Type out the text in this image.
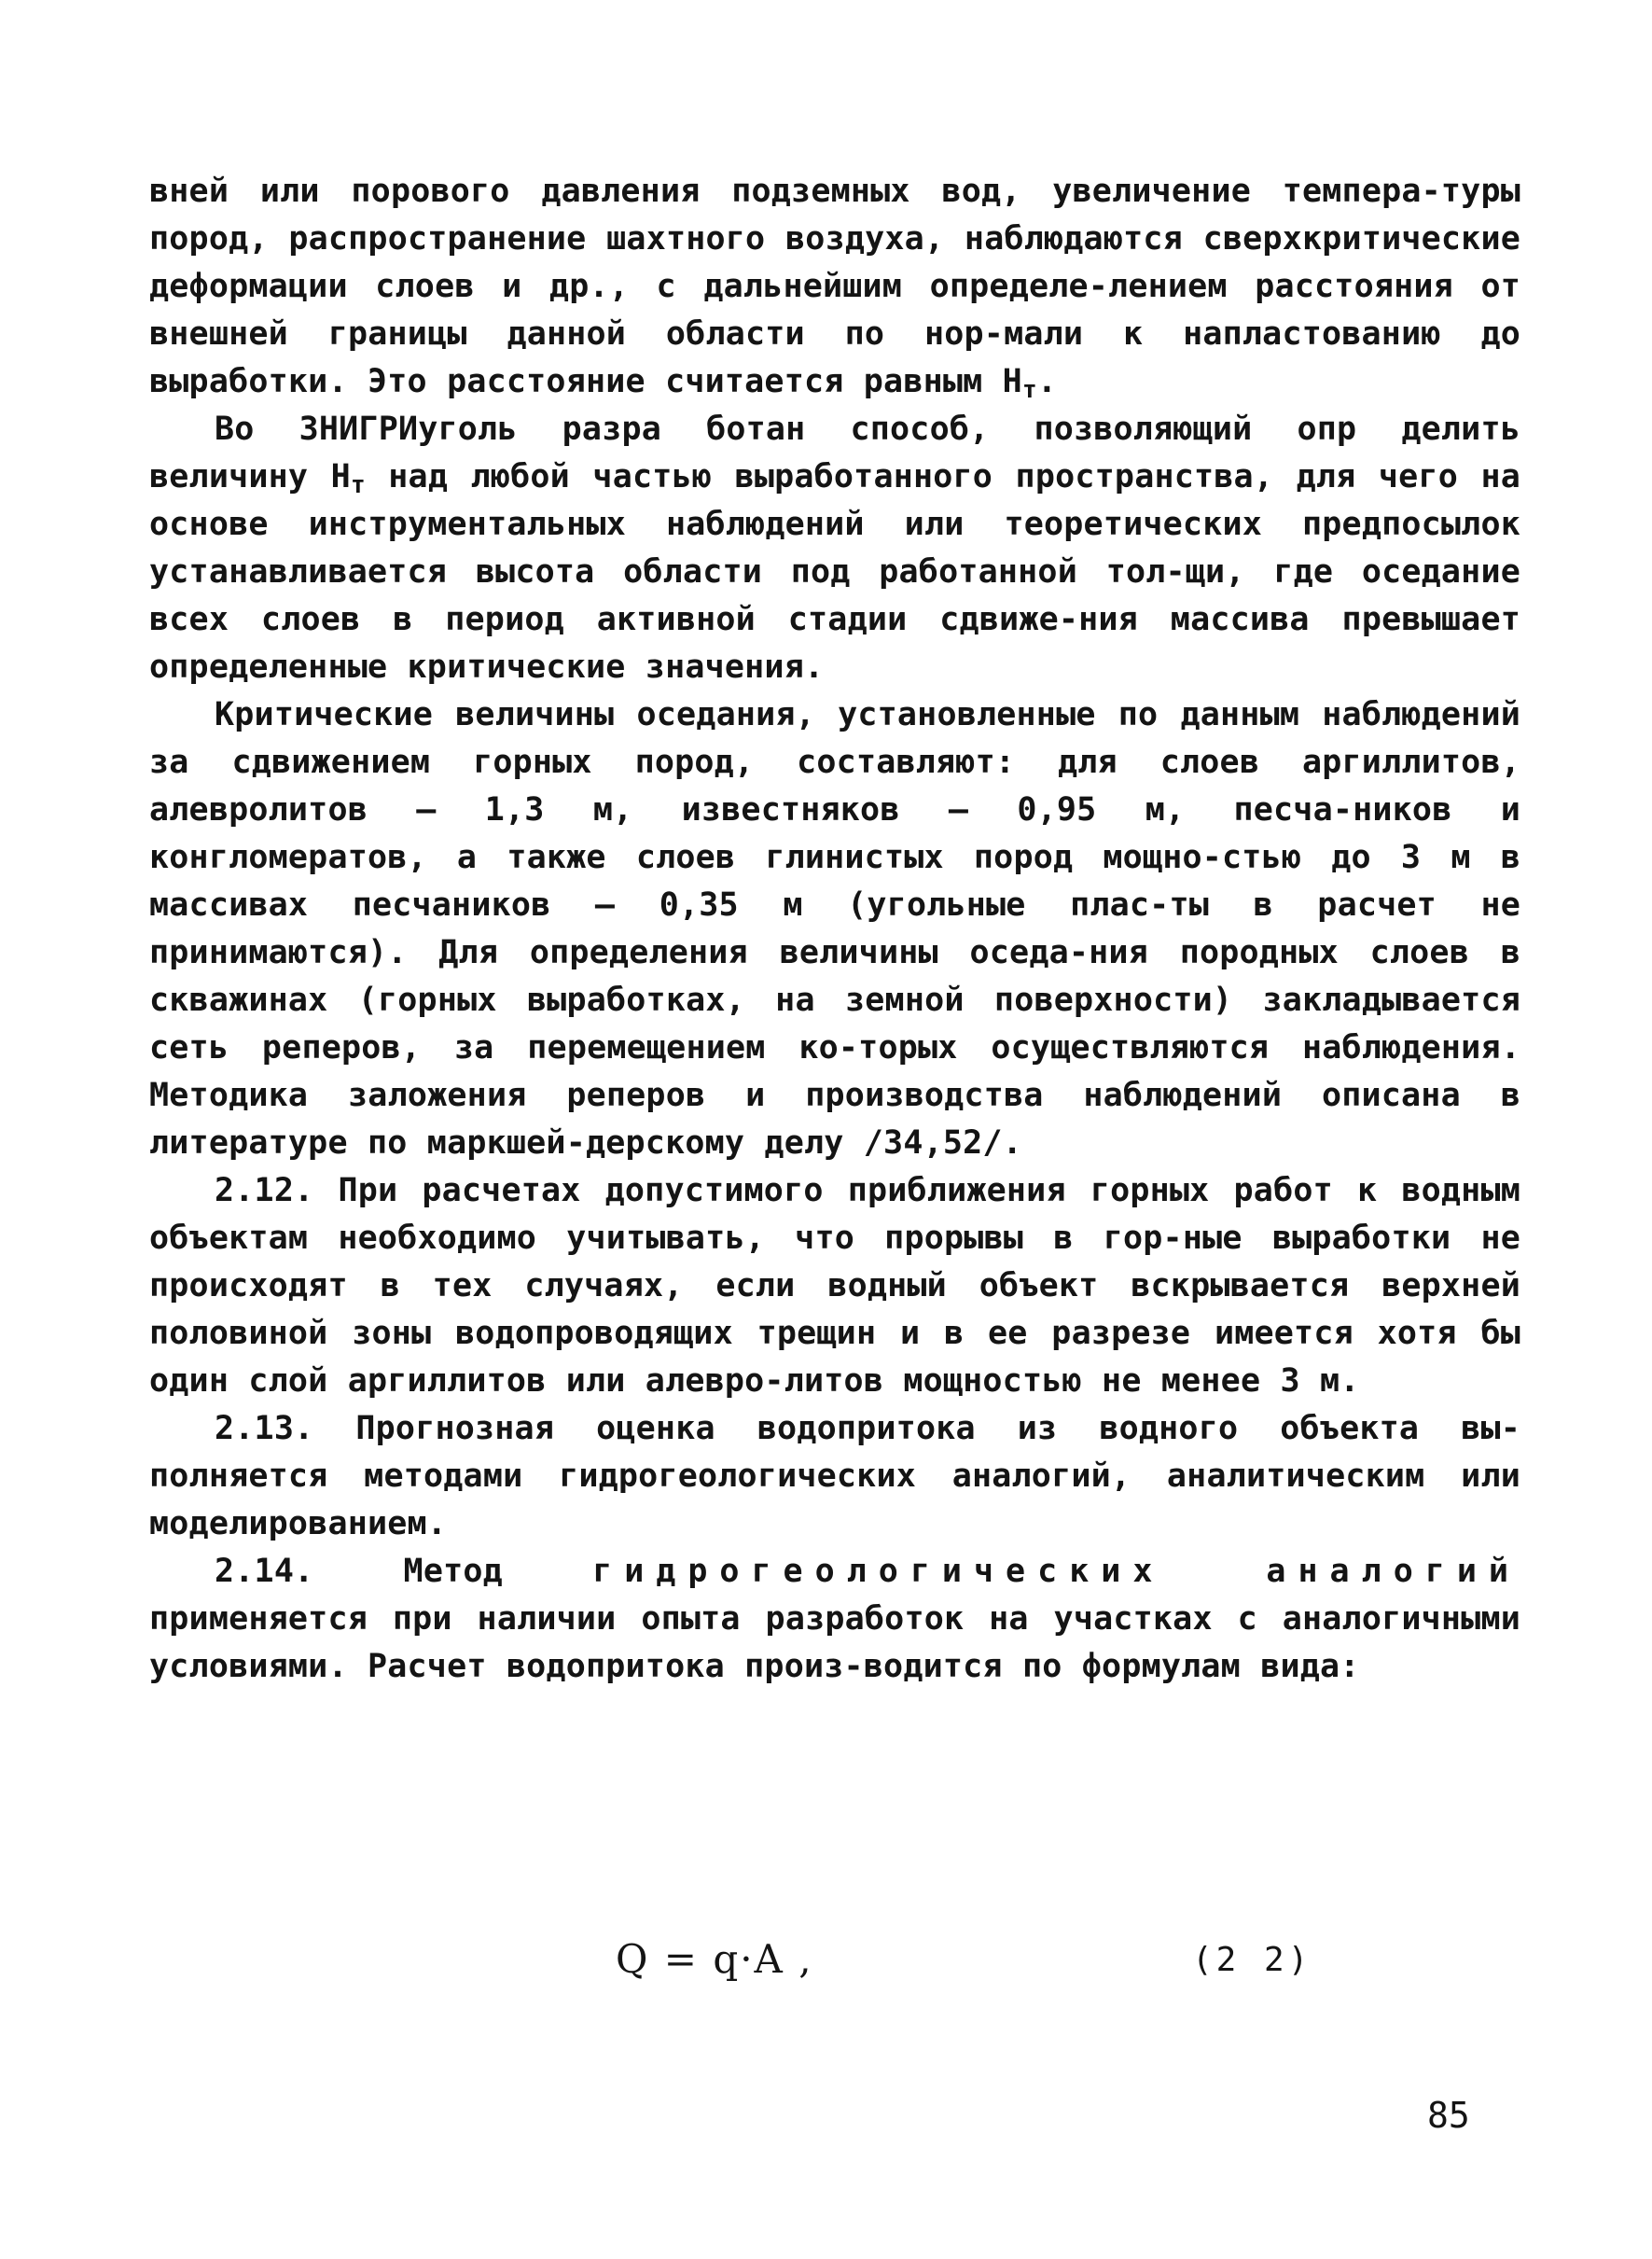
вней или порового давления подземных вод, увеличение темпера-туры пород, распространение шахтного воздуха, наблюдаются сверхкритические деформации слоев и др., с дальнейшим определе-лением расстояния от внешней границы данной области по нор-мали к напластованию до выработки. Это расстояние считается равным $H_т$.

Во ЗНИГРИуголь разра ботан способ, позволяющий опр делить величину $H_т$ над любой частью выработанного пространства, для чего на основе инструментальных наблюдений или теоретических предпосылок устанавливается высота области под работанной тол-щи, где оседание всех слоев в период активной стадии сдвиже-ния массива превышает определенные критические значения.

Критические величины оседания, установленные по данным наблюдений за сдвижением горных пород, составляют: для слоев аргиллитов, алевролитов – 1,3 м, известняков – 0,95 м, песча-ников и конгломератов, а также слоев глинистых пород мощно-стью до 3 м в массивах песчаников – 0,35 м (угольные плас-ты в расчет не принимаются). Для определения величины оседа-ния породных слоев в скважинах (горных выработках, на земной поверхности) закладывается сеть реперов, за перемещением ко-торых осуществляются наблюдения. Методика заложения реперов и производства наблюдений описана в литературе по маркшей-дерскому делу /34,52/.

2.12. При расчетах допустимого приближения горных работ к водным объектам необходимо учитывать, что прорывы в гор-ные выработки не происходят в тех случаях, если водный объект вскрывается верхней половиной зоны водопроводящих трещин и в ее разрезе имеется хотя бы один слой аргиллитов или алевро-литов мощностью не менее 3 м.

2.13. Прогнозная оценка водопритока из водного объекта вы-полняется методами гидрогеологических аналогий, аналитическим или моделированием.

2.14. Метод гидрогеологических аналогий применяется при наличии опыта разработок на участках с аналогичными условиями. Расчет водопритока произ-водится по формулам вида:

Q = q·A ,	(2 2)
85
